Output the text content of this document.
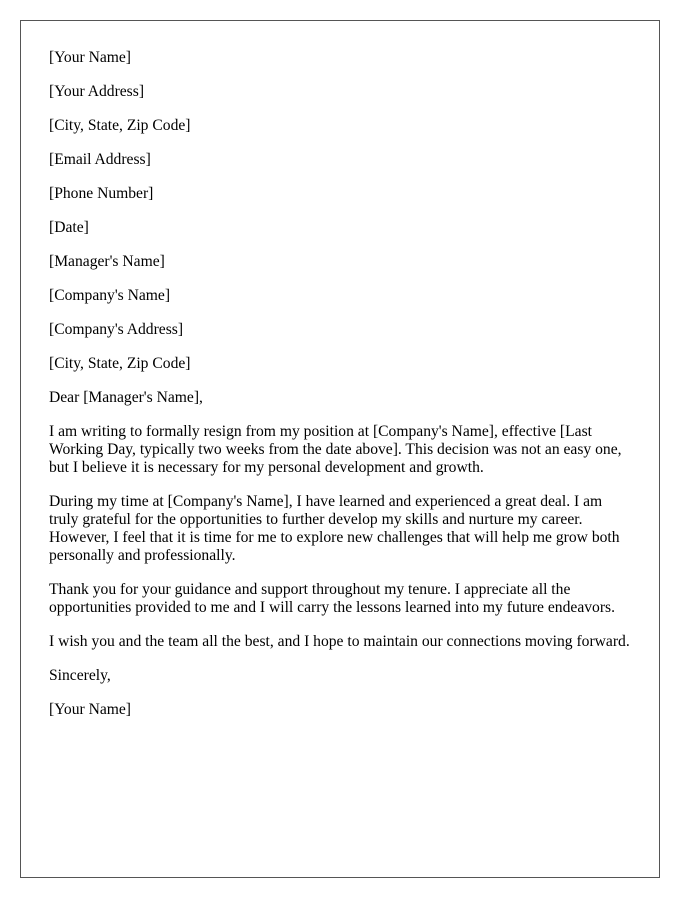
[Your Name]

[Your Address]

[City, State, Zip Code]

[Email Address]

[Phone Number]

[Date]

[Manager's Name]

[Company's Name]

[Company's Address]

[City, State, Zip Code]

Dear [Manager's Name],

I am writing to formally resign from my position at [Company's Name], effective [Last Working Day, typically two weeks from the date above]. This decision was not an easy one, but I believe it is necessary for my personal development and growth.

During my time at [Company's Name], I have learned and experienced a great deal. I am truly grateful for the opportunities to further develop my skills and nurture my career. However, I feel that it is time for me to explore new challenges that will help me grow both personally and professionally.

Thank you for your guidance and support throughout my tenure. I appreciate all the opportunities provided to me and I will carry the lessons learned into my future endeavors.

I wish you and the team all the best, and I hope to maintain our connections moving forward.

Sincerely,

[Your Name]
